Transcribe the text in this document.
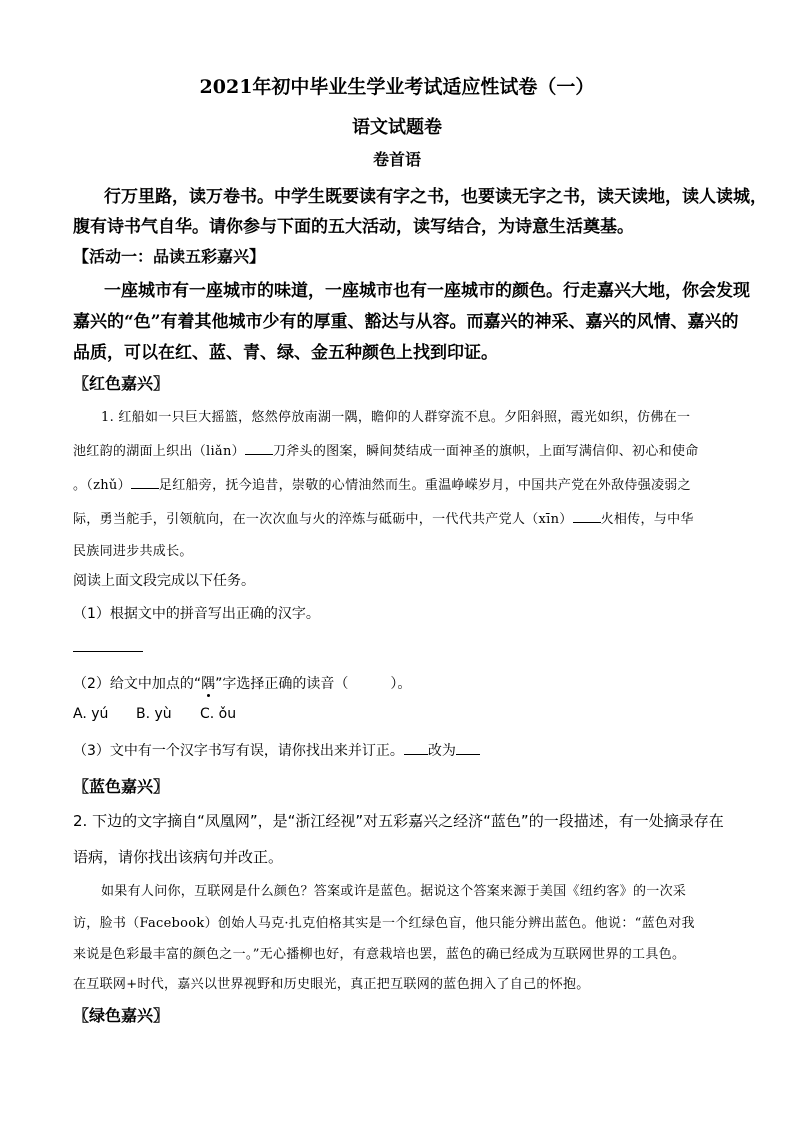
2021年初中毕业生学业考试适应性试卷（一）
语文试题卷
卷首语
行万里路，读万卷书。中学生既要读有字之书，也要读无字之书，读天读地，读人读城，
腹有诗书气自华。请你参与下面的五大活动，读写结合，为诗意生活奠基。
【活动一：品读五彩嘉兴】
一座城市有一座城市的味道，一座城市也有一座城市的颜色。行走嘉兴大地，你会发现
嘉兴的“色”有着其他城市少有的厚重、豁达与从容。而嘉兴的神采、嘉兴的风情、嘉兴的
品质，可以在红、蓝、青、绿、金五种颜色上找到印证。
〖红色嘉兴〗
1. 红船如一只巨大摇篮，悠然停放南湖一隅，瞻仰的人群穿流不息。夕阳斜照，霞光如织，仿佛在一
池红韵的湖面上织出（liǎn） 刀斧头的图案，瞬间焚结成一面神圣的旗帜，上面写满信仰、初心和使命
。（zhǔ） 足红船旁，抚今追昔，崇敬的心情油然而生。重温峥嵘岁月，中国共产党在外敌侍强凌弱之
际，勇当舵手，引领航向，在一次次血与火的淬炼与砥砺中，一代代共产党人（xīn） 火相传，与中华
民族同进步共成长。
阅读上面文段完成以下任务。
（1）根据文中的拼音写出正确的汉字。
（2）给文中加点的“隅”字选择正确的读音（　　　）。
A. yú B. yù C. ǒu
（3）文中有一个汉字书写有误，请你找出来并订正。 改为
〖蓝色嘉兴〗
2. 下边的文字摘自“凤凰网”，是“浙江经视”对五彩嘉兴之经济“蓝色”的一段描述，有一处摘录存在
语病，请你找出该病句并改正。
如果有人问你，互联网是什么颜色？答案或许是蓝色。据说这个答案来源于美国《纽约客》的一次采
访，脸书（Facebook）创始人马克·扎克伯格其实是一个红绿色盲，他只能分辨出蓝色。他说：“蓝色对我
来说是色彩最丰富的颜色之一。”无心播柳也好，有意栽培也罢，蓝色的确已经成为互联网世界的工具色。
在互联网+时代，嘉兴以世界视野和历史眼光，真正把互联网的蓝色拥入了自己的怀抱。
〖绿色嘉兴〗
